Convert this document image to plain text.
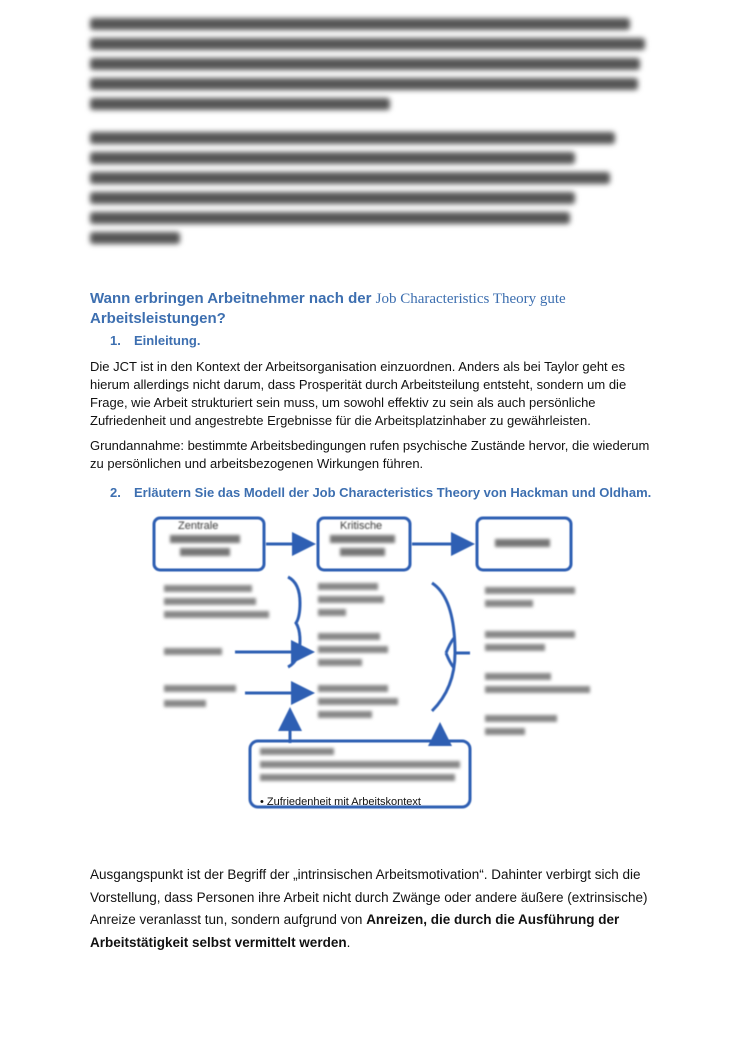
Wann erbringen Arbeitnehmer nach der Job Characteristics Theory gute
Arbeitsleistungen?
1. Einleitung.

Die JCT ist in den Kontext der Arbeitsorganisation einzuordnen. Anders als bei Taylor geht es hierum allerdings nicht darum, dass Prosperität durch Arbeitsteilung entsteht, sondern um die Frage, wie Arbeit strukturiert sein muss, um sowohl effektiv zu sein als auch persönliche Zufriedenheit und angestrebte Ergebnisse für die Arbeitsplatzinhaber zu gewährleisten.

Grundannahme: bestimmte Arbeitsbedingungen rufen psychische Zustände hervor, die wiederum zu persönlichen und arbeitsbezogenen Wirkungen führen.

2. Erläutern Sie das Modell der Job Characteristics Theory von Hackman und Oldham.
Zentrale	Kritische
• Zufriedenheit mit Arbeitskontext

Ausgangspunkt ist der Begriff der „intrinsischen Arbeitsmotivation“. Dahinter verbirgt sich die Vorstellung, dass Personen ihre Arbeit nicht durch Zwänge oder andere äußere (extrinsische) Anreize veranlasst tun, sondern aufgrund von Anreizen, die durch die Ausführung der Arbeitstätigkeit selbst vermittelt werden.
